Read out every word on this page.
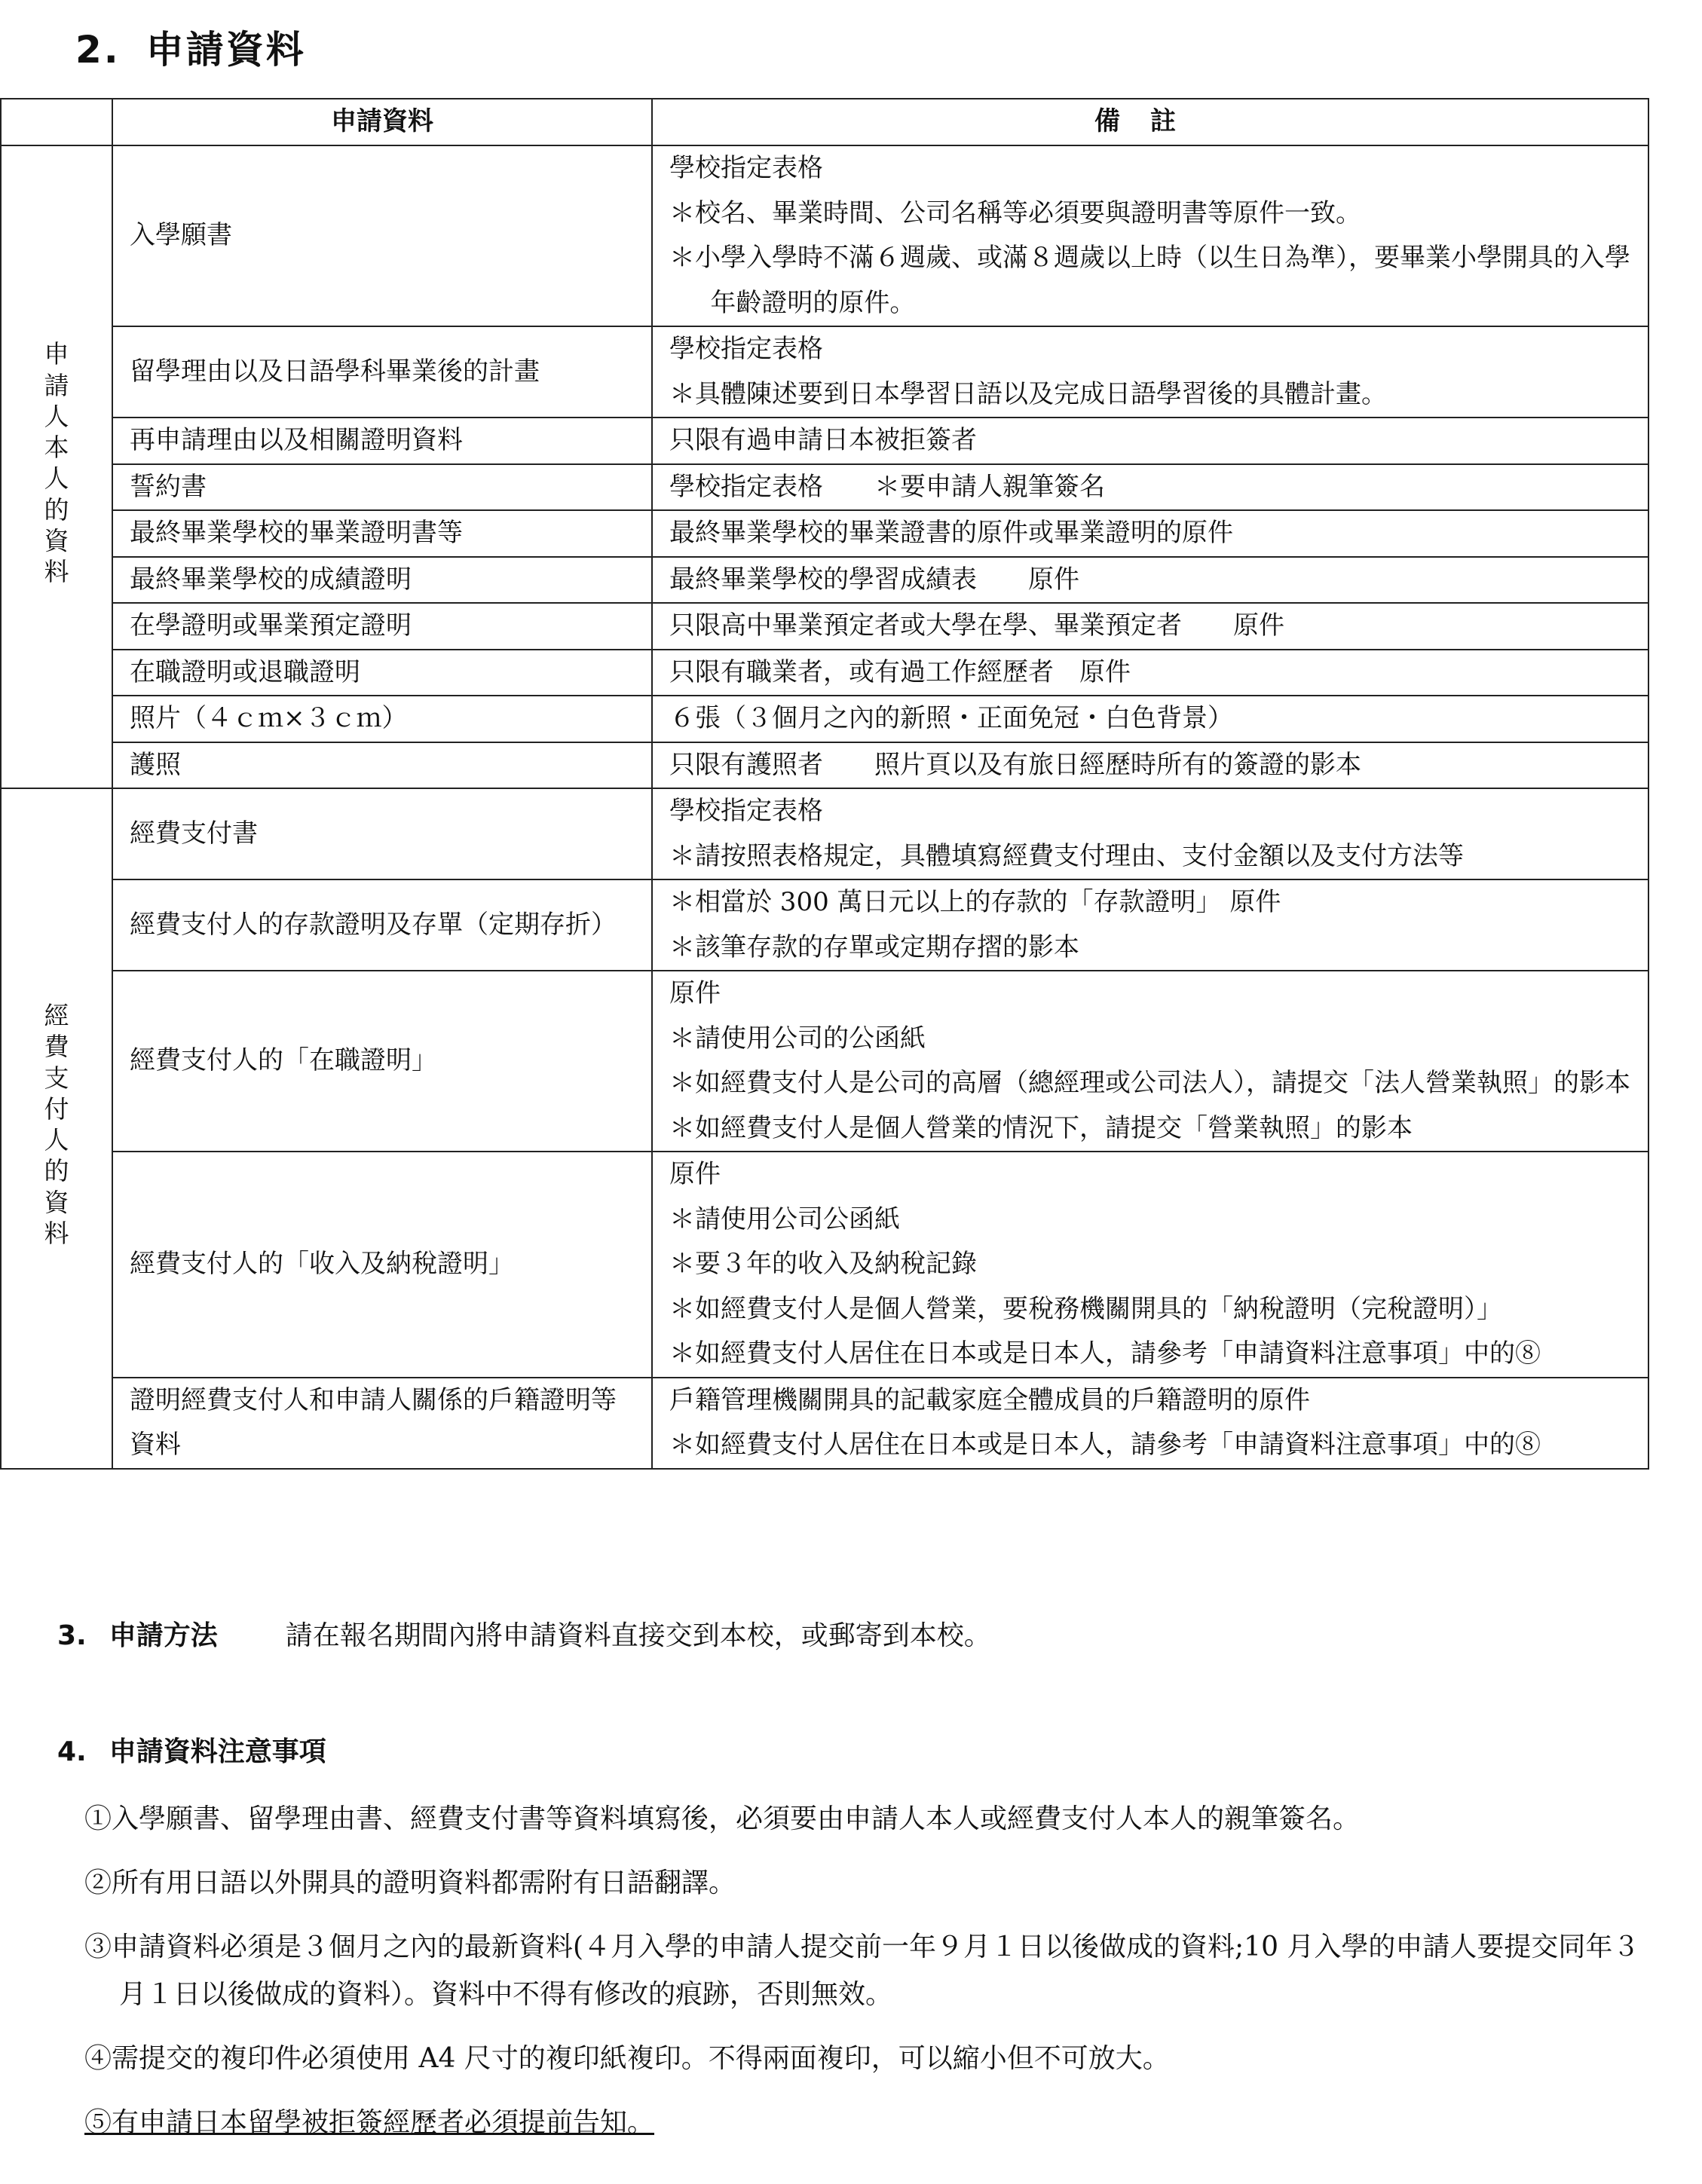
2. 申請資料
	申請資料	備註
申請人本人的資料	入學願書	學校指定表格
＊校名、畢業時間、公司名稱等必須要與證明書等原件一致。
＊小學入學時不滿６週歲、或滿８週歲以上時（以生日為準），要畢業小學開具的入學年齡證明的原件。

	留學理由以及日語學科畢業後的計畫	學校指定表格
＊具體陳述要到日本學習日語以及完成日語學習後的具體計畫。

	再申請理由以及相關證明資料	只限有過申請日本被拒簽者

	誓約書	學校指定表格　　＊要申請人親筆簽名

	最終畢業學校的畢業證明書等	最終畢業學校的畢業證書的原件或畢業證明的原件

	最終畢業學校的成績證明	最終畢業學校的學習成績表　　原件

	在學證明或畢業預定證明	只限高中畢業預定者或大學在學、畢業預定者　　原件

	在職證明或退職證明	只限有職業者，或有過工作經歷者　原件

	照片（４ｃｍ×３ｃｍ）	６張（３個月之內的新照・正面免冠・白色背景）

	護照	只限有護照者　　照片頁以及有旅日經歷時所有的簽證的影本

經費支付人的資料	經費支付書	學校指定表格
＊請按照表格規定，具體填寫經費支付理由、支付金額以及支付方法等

	經費支付人的存款證明及存單（定期存折）	＊相當於 300 萬日元以上的存款的「存款證明」 原件
＊該筆存款的存單或定期存摺的影本

	經費支付人的「在職證明」	原件
＊請使用公司的公函紙
＊如經費支付人是公司的高層（總經理或公司法人），請提交「法人營業執照」的影本
＊如經費支付人是個人營業的情況下，請提交「營業執照」的影本

	經費支付人的「收入及納稅證明」	原件
＊請使用公司公函紙
＊要３年的收入及納稅記錄
＊如經費支付人是個人營業，要稅務機關開具的「納稅證明（完稅證明）」
＊如經費支付人居住在日本或是日本人，請參考「申請資料注意事項」中的⑧

	證明經費支付人和申請人關係的戶籍證明等資料	戶籍管理機關開具的記載家庭全體成員的戶籍證明的原件
＊如經費支付人居住在日本或是日本人，請參考「申請資料注意事項」中的⑧
3. 申請方法	請在報名期間內將申請資料直接交到本校，或郵寄到本校。
4. 申請資料注意事項
①入學願書、留學理由書、經費支付書等資料填寫後，必須要由申請人本人或經費支付人本人的親筆簽名。
②所有用日語以外開具的證明資料都需附有日語翻譯。
③申請資料必須是３個月之內的最新資料(４月入學的申請人提交前一年９月１日以後做成的資料;10 月入學的申請人要提交同年３月１日以後做成的資料）。資料中不得有修改的痕跡，否則無效。
④需提交的複印件必須使用 A4 尺寸的複印紙複印。不得兩面複印，可以縮小但不可放大。
⑤有申請日本留學被拒簽經歷者必須提前告知。
